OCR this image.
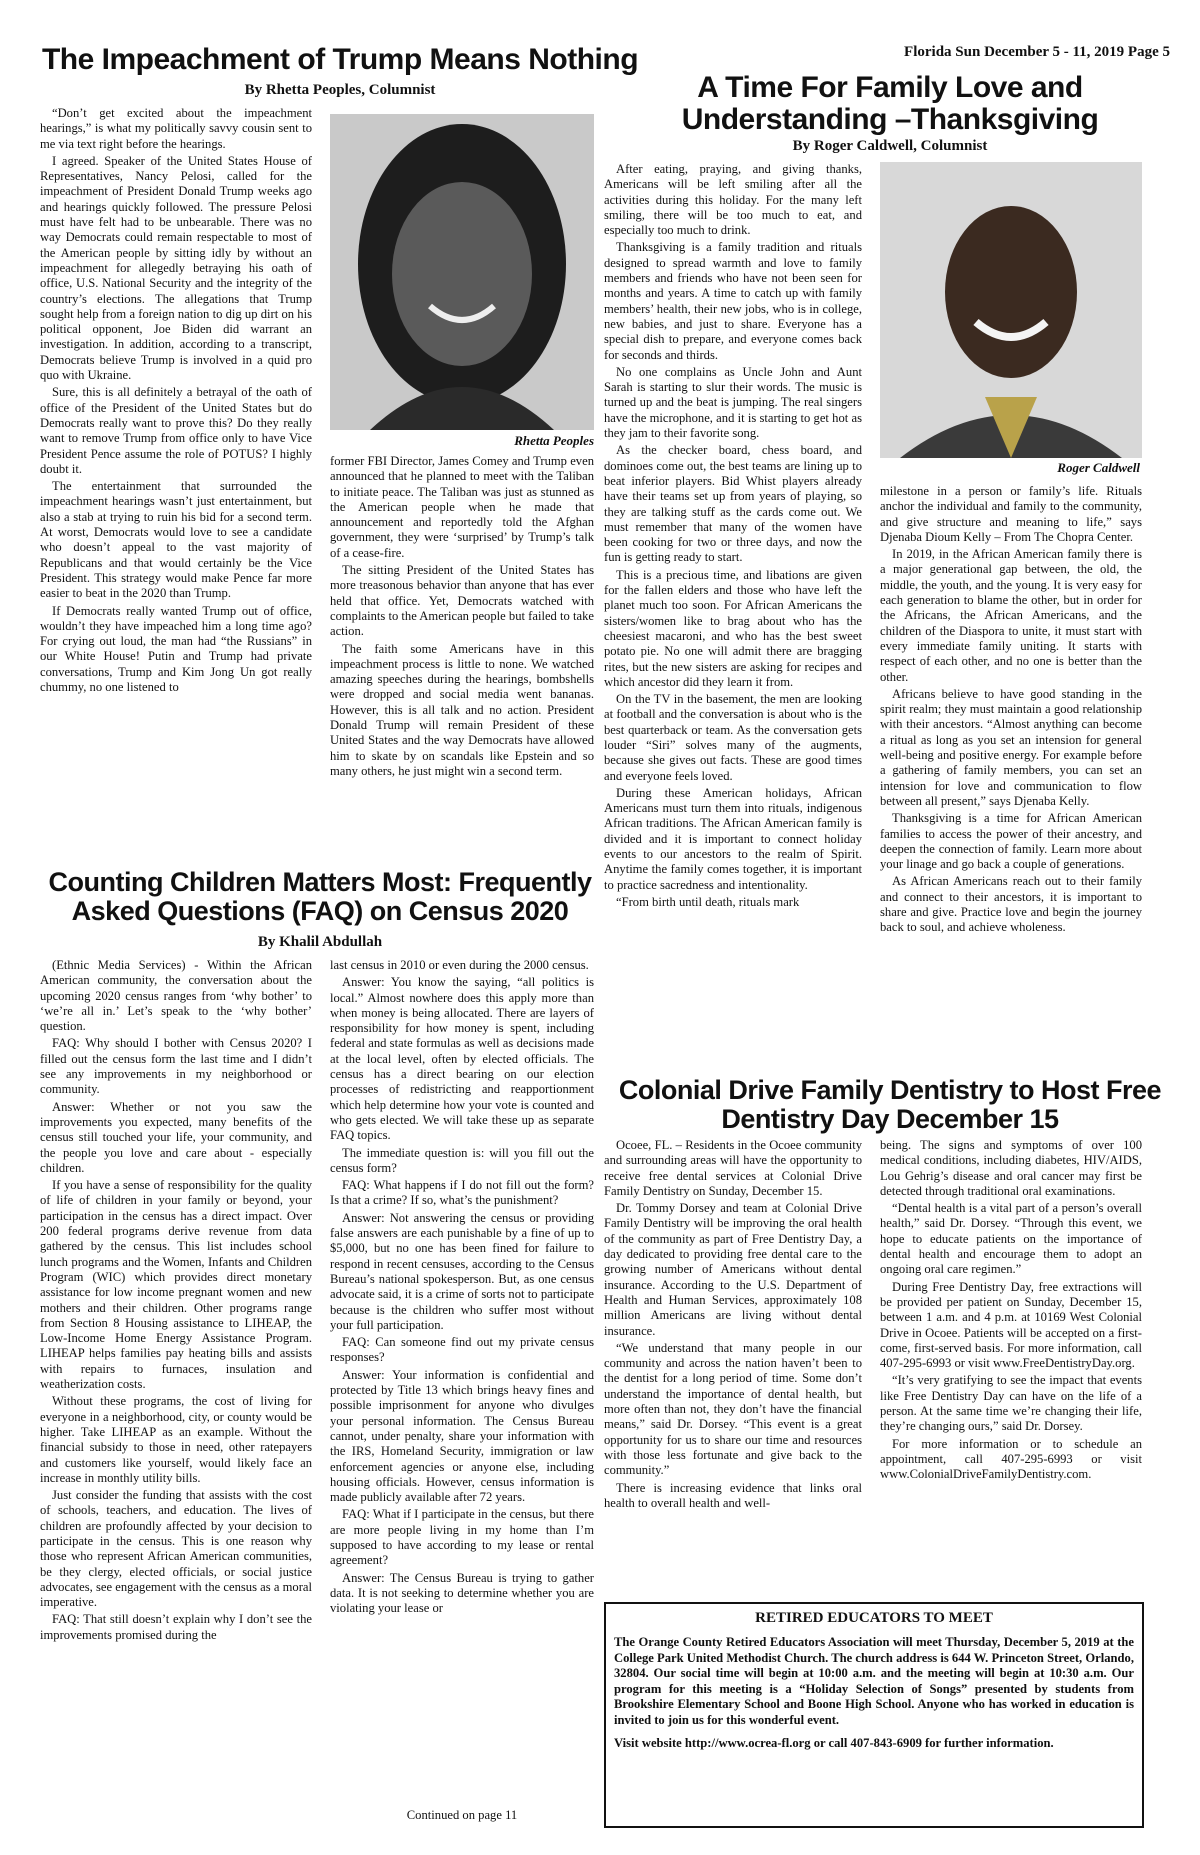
Florida Sun December 5 - 11, 2019 Page 5
The Impeachment of Trump Means Nothing
By Rhetta Peoples, Columnist

“Don’t get excited about the impeachment hearings,” is what my politically savvy cousin sent to me via text right before the hearings.

I agreed. Speaker of the United States House of Representatives, Nancy Pelosi, called for the impeachment of President Donald Trump weeks ago and hearings quickly followed. The pressure Pelosi must have felt had to be unbearable. There was no way Democrats could remain respectable to most of the American people by sitting idly by without an impeachment for allegedly betraying his oath of office, U.S. National Security and the integrity of the country’s elections. The allegations that Trump sought help from a foreign nation to dig up dirt on his political opponent, Joe Biden did warrant an investigation. In addition, according to a transcript, Democrats believe Trump is involved in a quid pro quo with Ukraine.

Sure, this is all definitely a betrayal of the oath of office of the President of the United States but do Democrats really want to prove this? Do they really want to remove Trump from office only to have Vice President Pence assume the role of POTUS? I highly doubt it.

The entertainment that surrounded the impeachment hearings wasn’t just entertainment, but also a stab at trying to ruin his bid for a second term. At worst, Democrats would love to see a candidate who doesn’t appeal to the vast majority of Republicans and that would certainly be the Vice President. This strategy would make Pence far more easier to beat in the 2020 than Trump.

If Democrats really wanted Trump out of office, wouldn’t they have impeached him a long time ago? For crying out loud, the man had “the Russians” in our White House! Putin and Trump had private conversations, Trump and Kim Jong Un got really chummy, no one listened to

Rhetta Peoples

former FBI Director, James Comey and Trump even announced that he planned to meet with the Taliban to initiate peace. The Taliban was just as stunned as the American people when he made that announcement and reportedly told the Afghan government, they were ‘surprised’ by Trump’s talk of a cease-fire.

The sitting President of the United States has more treasonous behavior than anyone that has ever held that office. Yet, Democrats watched with complaints to the American people but failed to take action.

The faith some Americans have in this impeachment process is little to none. We watched amazing speeches during the hearings, bombshells were dropped and social media went bananas. However, this is all talk and no action. President Donald Trump will remain President of these United States and the way Democrats have allowed him to skate by on scandals like Epstein and so many others, he just might win a second term.

Counting Children Matters Most: Frequently Asked Questions (FAQ) on Census 2020
By Khalil Abdullah

(Ethnic Media Services) - Within the African American community, the conversation about the upcoming 2020 census ranges from ‘why bother’ to ‘we’re all in.’ Let’s speak to the ‘why bother’ question.

FAQ: Why should I bother with Census 2020? I filled out the census form the last time and I didn’t see any improvements in my neighborhood or community.

Answer: Whether or not you saw the improvements you expected, many benefits of the census still touched your life, your community, and the people you love and care about - especially children.

If you have a sense of responsibility for the quality of life of children in your family or beyond, your participation in the census has a direct impact. Over 200 federal programs derive revenue from data gathered by the census. This list includes school lunch programs and the Women, Infants and Children Program (WIC) which provides direct monetary assistance for low income pregnant women and new mothers and their children. Other programs range from Section 8 Housing assistance to LIHEAP, the Low-Income Home Energy Assistance Program. LIHEAP helps families pay heating bills and assists with repairs to furnaces, insulation and weatherization costs.

Without these programs, the cost of living for everyone in a neighborhood, city, or county would be higher. Take LIHEAP as an example. Without the financial subsidy to those in need, other ratepayers and customers like yourself, would likely face an increase in monthly utility bills.

Just consider the funding that assists with the cost of schools, teachers, and education. The lives of children are profoundly affected by your decision to participate in the census. This is one reason why those who represent African American communities, be they clergy, elected officials, or social justice advocates, see engagement with the census as a moral imperative.

FAQ: That still doesn’t explain why I don’t see the improvements promised during the

last census in 2010 or even during the 2000 census.

Answer: You know the saying, “all politics is local.” Almost nowhere does this apply more than when money is being allocated. There are layers of responsibility for how money is spent, including federal and state formulas as well as decisions made at the local level, often by elected officials. The census has a direct bearing on our election processes of redistricting and reapportionment which help determine how your vote is counted and who gets elected. We will take these up as separate FAQ topics.

The immediate question is: will you fill out the census form?

FAQ: What happens if I do not fill out the form? Is that a crime? If so, what’s the punishment?

Answer: Not answering the census or providing false answers are each punishable by a fine of up to $5,000, but no one has been fined for failure to respond in recent censuses, according to the Census Bureau’s national spokesperson. But, as one census advocate said, it is a crime of sorts not to participate because is the children who suffer most without your full participation.

FAQ: Can someone find out my private census responses?

Answer: Your information is confidential and protected by Title 13 which brings heavy fines and possible imprisonment for anyone who divulges your personal information. The Census Bureau cannot, under penalty, share your information with the IRS, Homeland Security, immigration or law enforcement agencies or anyone else, including housing officials. However, census information is made publicly available after 72 years.

FAQ: What if I participate in the census, but there are more people living in my home than I’m supposed to have according to my lease or rental agreement?

Answer: The Census Bureau is trying to gather data. It is not seeking to determine whether you are violating your lease or

Continued on page 11
A Time For Family Love and Understanding –Thanksgiving
By Roger Caldwell, Columnist

After eating, praying, and giving thanks, Americans will be left smiling after all the activities during this holiday. For the many left smiling, there will be too much to eat, and especially too much to drink.

Thanksgiving is a family tradition and rituals designed to spread warmth and love to family members and friends who have not been seen for months and years. A time to catch up with family members’ health, their new jobs, who is in college, new babies, and just to share. Everyone has a special dish to prepare, and everyone comes back for seconds and thirds.

No one complains as Uncle John and Aunt Sarah is starting to slur their words. The music is turned up and the beat is jumping. The real singers have the microphone, and it is starting to get hot as they jam to their favorite song.

As the checker board, chess board, and dominoes come out, the best teams are lining up to beat inferior players. Bid Whist players already have their teams set up from years of playing, so they are talking stuff as the cards come out. We must remember that many of the women have been cooking for two or three days, and now the fun is getting ready to start.

This is a precious time, and libations are given for the fallen elders and those who have left the planet much too soon. For African Americans the sisters/women like to brag about who has the cheesiest macaroni, and who has the best sweet potato pie. No one will admit there are bragging rites, but the new sisters are asking for recipes and which ancestor did they learn it from.

On the TV in the basement, the men are looking at football and the conversation is about who is the best quarterback or team. As the conversation gets louder “Siri” solves many of the augments, because she gives out facts. These are good times and everyone feels loved.

During these American holidays, African Americans must turn them into rituals, indigenous African traditions. The African American family is divided and it is important to connect holiday events to our ancestors to the realm of Spirit. Anytime the family comes together, it is important to practice sacredness and intentionality.

“From birth until death, rituals mark

Roger Caldwell

milestone in a person or family’s life. Rituals anchor the individual and family to the community, and give structure and meaning to life,” says Djenaba Dioum Kelly – From The Chopra Center.

In 2019, in the African American family there is a major generational gap between, the old, the middle, the youth, and the young. It is very easy for each generation to blame the other, but in order for the Africans, the African Americans, and the children of the Diaspora to unite, it must start with every immediate family uniting. It starts with respect of each other, and no one is better than the other.

Africans believe to have good standing in the spirit realm; they must maintain a good relationship with their ancestors. “Almost anything can become a ritual as long as you set an intension for general well-being and positive energy. For example before a gathering of family members, you can set an intension for love and communication to flow between all present,” says Djenaba Kelly.

Thanksgiving is a time for African American families to access the power of their ancestry, and deepen the connection of family. Learn more about your linage and go back a couple of generations.

As African Americans reach out to their family and connect to their ancestors, it is important to share and give. Practice love and begin the journey back to soul, and achieve wholeness.

Colonial Drive Family Dentistry to Host Free Dentistry Day December 15

Ocoee, FL. – Residents in the Ocoee community and surrounding areas will have the opportunity to receive free dental services at Colonial Drive Family Dentistry on Sunday, December 15.

Dr. Tommy Dorsey and team at Colonial Drive Family Dentistry will be improving the oral health of the community as part of Free Dentistry Day, a day dedicated to providing free dental care to the growing number of Americans without dental insurance. According to the U.S. Department of Health and Human Services, approximately 108 million Americans are living without dental insurance.

“We understand that many people in our community and across the nation haven’t been to the dentist for a long period of time. Some don’t understand the importance of dental health, but more often than not, they don’t have the financial means,” said Dr. Dorsey. “This event is a great opportunity for us to share our time and resources with those less fortunate and give back to the community.”

There is increasing evidence that links oral health to overall health and well-

being. The signs and symptoms of over 100 medical conditions, including diabetes, HIV/AIDS, Lou Gehrig’s disease and oral cancer may first be detected through traditional oral examinations.

“Dental health is a vital part of a person’s overall health,” said Dr. Dorsey. “Through this event, we hope to educate patients on the importance of dental health and encourage them to adopt an ongoing oral care regimen.”

During Free Dentistry Day, free extractions will be provided per patient on Sunday, December 15, between 1 a.m. and 4 p.m. at 10169 West Colonial Drive in Ocoee. Patients will be accepted on a first-come, first-served basis. For more information, call 407-295-6993 or visit www.FreeDentistryDay.org.

“It’s very gratifying to see the impact that events like Free Dentistry Day can have on the life of a person. At the same time we’re changing their life, they’re changing ours,” said Dr. Dorsey.

For more information or to schedule an appointment, call 407-295-6993 or visit www.ColonialDriveFamilyDentistry.com.

RETIRED EDUCATORS TO MEET

The Orange County Retired Educators Association will meet Thursday, December 5, 2019 at the College Park United Methodist Church. The church address is 644 W. Princeton Street, Orlando, 32804. Our social time will begin at 10:00 a.m. and the meeting will begin at 10:30 a.m. Our program for this meeting is a “Holiday Selection of Songs” presented by students from Brookshire Elementary School and Boone High School. Anyone who has worked in education is invited to join us for this wonderful event.

Visit website http://www.ocrea-fl.org or call 407-843-6909 for further information.
